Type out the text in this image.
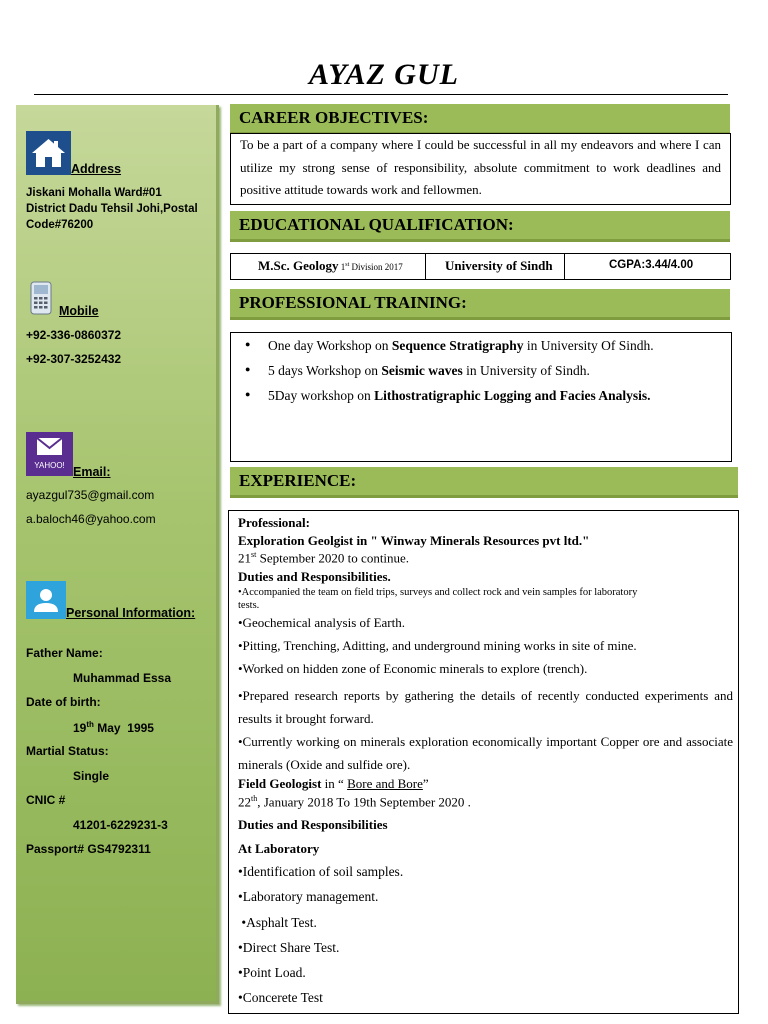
AYAZ GUL
Address
Jiskani Mohalla Ward#01
District Dadu Tehsil Johi,Postal
Code#76200
Mobile
+92-336-0860372
+92-307-3252432
YAHOO! Email:
ayazgul735@gmail.com
a.baloch46@yahoo.com
Personal Information:
Father Name:
Muhammad Essa
Date of birth:
19th May  1995
Martial Status:
Single
CNIC #
41201-6229231-3
Passport# GS4792311
CAREER OBJECTIVES:
To be a part of a company where I could be successful in all my endeavors and where I can utilize my strong sense of responsibility, absolute commitment to work deadlines and positive attitude towards work and fellowmen.
EDUCATIONAL QUALIFICATION:
M.Sc. Geology 1st Division 2017	University of Sindh	CGPA:3.44/4.00
PROFESSIONAL TRAINING:
● One day Workshop on Sequence Stratigraphy in University Of Sindh.
● 5 days Workshop on Seismic waves in University of Sindh.
● 5Day workshop on Lithostratigraphic Logging and Facies Analysis.
EXPERIENCE:
Professional:
Exploration Geolgist in " Winway Minerals Resources pvt ltd."
21st September 2020 to continue.
Duties and Responsibilities.
•Accompanied the team on field trips, surveys and collect rock and vein samples for laboratory tests.
•Geochemical analysis of Earth.
•Pitting, Trenching, Aditting, and underground mining works in site of mine.
•Worked on hidden zone of Economic minerals to explore (trench).
•Prepared research reports by gathering the details of recently conducted experiments and results it brought forward.
•Currently working on minerals exploration economically important Copper ore and associate minerals (Oxide and sulfide ore).
Field Geologist in “ Bore and Bore”
22th, January 2018 To 19th September 2020 .
Duties and Responsibilities
At Laboratory
•Identification of soil samples.
•Laboratory management.
•Asphalt Test.
•Direct Share Test.
•Point Load.
•Concerete Test
